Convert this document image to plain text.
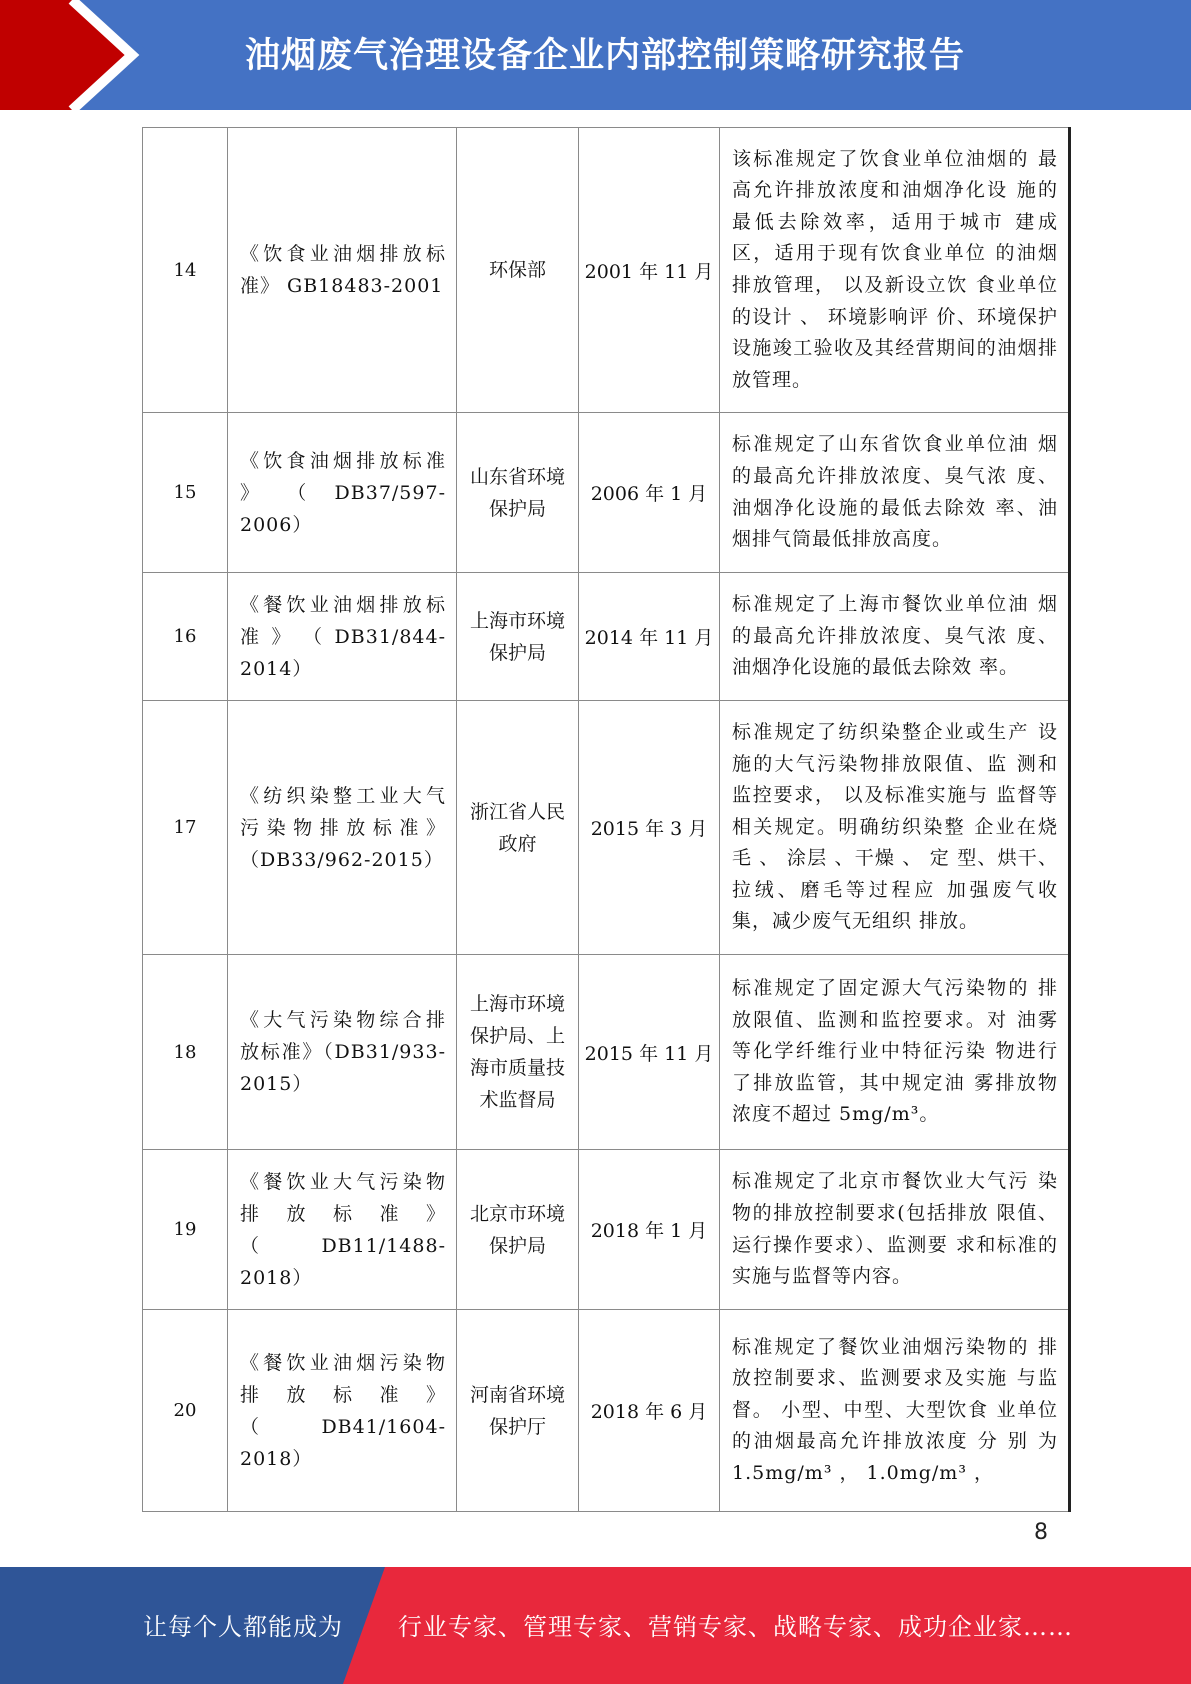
油烟废气治理设备企业内部控制策略研究报告
14	《饮食业油烟排放标 准》 GB18483-2001	环保部	2001 年 11 月	该标准规定了饮食业单位油烟的 最高允许排放浓度和油烟净化设 施的最低去除效率，适用于城市 建成区，适用于现有饮食业单位 的油烟排放管理， 以及新设立饮 食业单位的设计 、 环境影响评 价、环境保护设施竣工验收及其经营期间的油烟排放管理。
15	《饮食油烟排放标准 》 （ DB37/597- 2006）	山东省环境保护局	2006 年 1 月	标准规定了山东省饮食业单位油 烟的最高允许排放浓度、臭气浓 度、油烟净化设施的最低去除效 率、油烟排气筒最低排放高度。
16	《餐饮业油烟排放标 准 》 （ DB31/844- 2014）	上海市环境保护局	2014 年 11 月	标准规定了上海市餐饮业单位油 烟的最高允许排放浓度、臭气浓 度、油烟净化设施的最低去除效 率。
17	《纺织染整工业大气 污染物排放标准》（DB33/962-2015）	浙江省人民政府	2015 年 3 月	标准规定了纺织染整企业或生产 设施的大气污染物排放限值、监 测和监控要求， 以及标准实施与 监督等相关规定。明确纺织染整 企业在烧毛 、 涂层 、干燥 、 定 型、烘干、拉绒、磨毛等过程应 加强废气收集，减少废气无组织 排放。
18	《大气污染物综合排 放标准》（DB31/933- 2015）	上海市环境保护局、上海市质量技术监督局	2015 年 11 月	标准规定了固定源大气污染物的 排放限值、监测和监控要求。对 油雾等化学纤维行业中特征污染 物进行了排放监管，其中规定油 雾排放物浓度不超过 5mg/m³。
19	《餐饮业大气污染物 排 放 标 准 》（DB11/1488-2018）	北京市环境保护局	2018 年 1 月	标准规定了北京市餐饮业大气污 染物的排放控制要求(包括排放 限值、运行操作要求）、监测要 求和标准的实施与监督等内容。
20	《餐饮业油烟污染物 排 放 标 准 》（DB41/1604-2018）	河南省环境保护厅	2018 年 6 月	标准规定了餐饮业油烟污染物的 排放控制要求、监测要求及实施 与监督。 小型、中型、大型饮食 业单位的油烟最高允许排放浓度 分 别 为 1.5mg/m³ ， 1.0mg/m³ ，
8
让每个人都能成为 行业专家、管理专家、营销专家、战略专家、成功企业家……
